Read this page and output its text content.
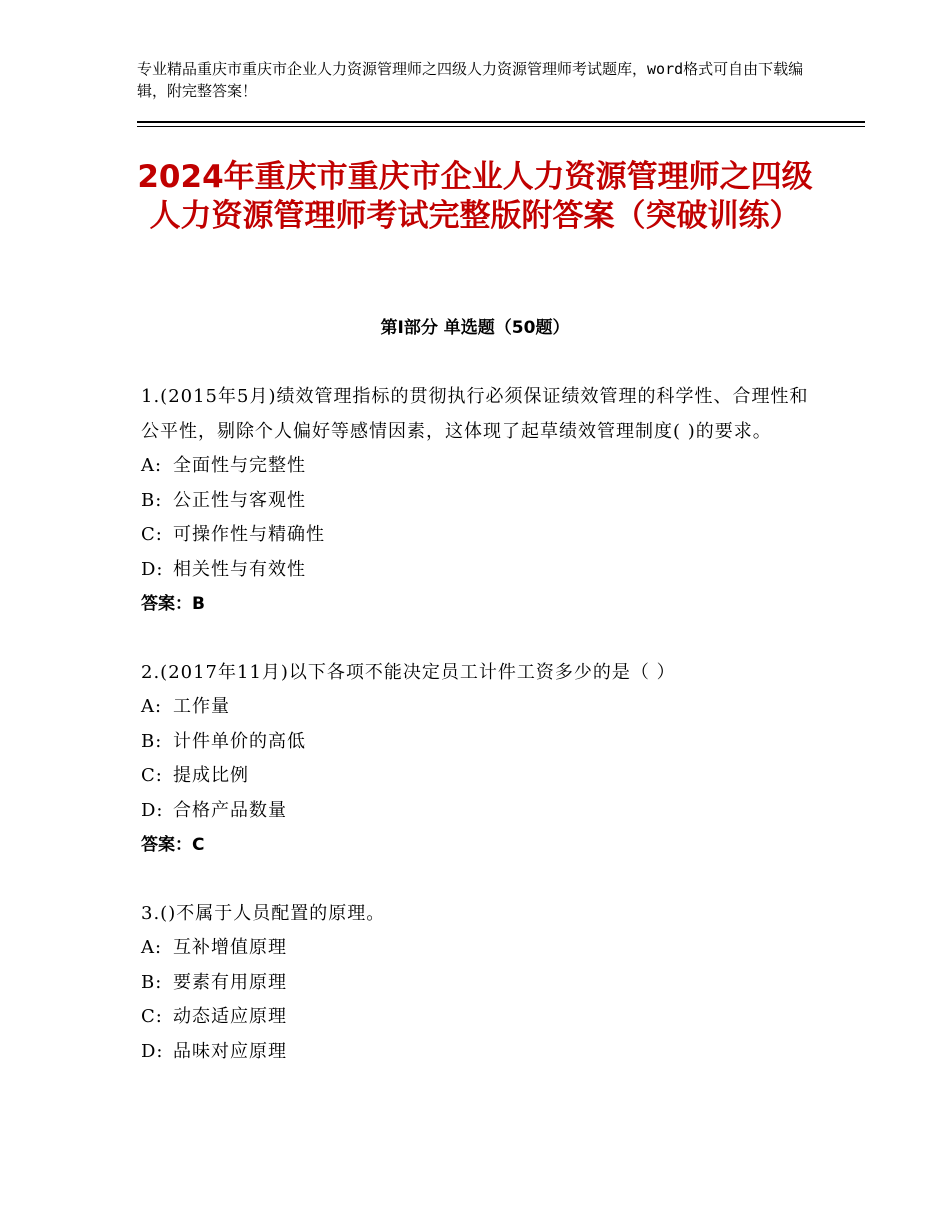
专业精品重庆市重庆市企业人力资源管理师之四级人力资源管理师考试题库，word格式可自由下载编辑，附完整答案！
2024年重庆市重庆市企业人力资源管理师之四级人力资源管理师考试完整版附答案（突破训练）
第Ⅰ部分 单选题（50题）
1.(2015年5月)绩效管理指标的贯彻执行必须保证绩效管理的科学性、合理性和公平性，剔除个人偏好等感情因素，这体现了起草绩效管理制度( )的要求。
A: 全面性与完整性
B: 公正性与客观性
C: 可操作性与精确性
D: 相关性与有效性
答案：B
2.(2017年11月)以下各项不能决定员工计件工资多少的是（ ）
A: 工作量
B: 计件单价的高低
C: 提成比例
D: 合格产品数量
答案：C
3.()不属于人员配置的原理。
A: 互补增值原理
B: 要素有用原理
C: 动态适应原理
D: 品味对应原理
